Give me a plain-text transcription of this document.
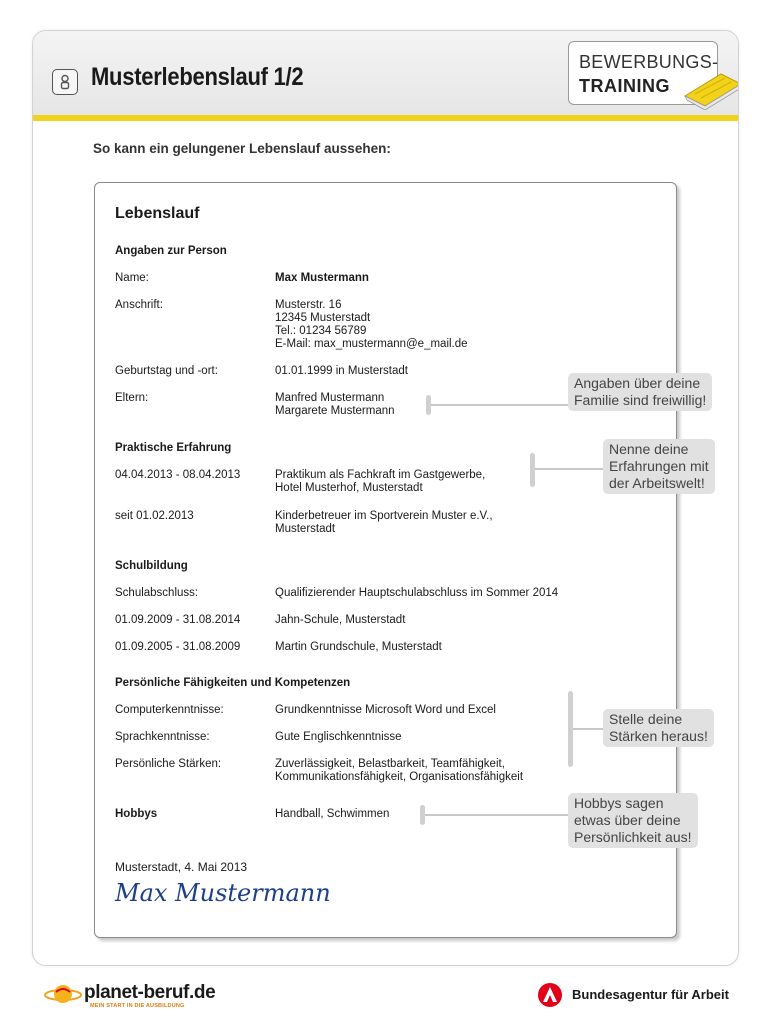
Musterlebenslauf 1/2
BEWERBUNGS-
TRAINING
So kann ein gelungener Lebenslauf aussehen:
Lebenslauf
Angaben zur Person
Name:	Max Mustermann
Anschrift:	Musterstr. 16
12345 Musterstadt
Tel.: 01234 56789
E-Mail: max_mustermann@e_mail.de
Geburtstag und -ort:	01.01.1999 in Musterstadt
Eltern:	Manfred Mustermann
Margarete Mustermann
Praktische Erfahrung
04.04.2013 - 08.04.2013	Praktikum als Fachkraft im Gastgewerbe,
Hotel Musterhof, Musterstadt
seit 01.02.2013	Kinderbetreuer im Sportverein Muster e.V.,
Musterstadt
Schulbildung
Schulabschluss:	Qualifizierender Hauptschulabschluss im Sommer 2014
01.09.2009 - 31.08.2014	Jahn-Schule, Musterstadt
01.09.2005 - 31.08.2009	Martin Grundschule, Musterstadt
Persönliche Fähigkeiten und Kompetenzen
Computerkenntnisse:	Grundkenntnisse Microsoft Word und Excel
Sprachkenntnisse:	Gute Englischkenntnisse
Persönliche Stärken:	Zuverlässigkeit, Belastbarkeit, Teamfähigkeit,
Kommunikationsfähigkeit, Organisationsfähigkeit
Hobbys	Handball, Schwimmen
Musterstadt, 4. Mai 2013
Max Mustermann
Angaben über deine
Familie sind freiwillig!
Nenne deine
Erfahrungen mit
der Arbeitswelt!
Stelle deine
Stärken heraus!
Hobbys sagen
etwas über deine
Persönlichkeit aus!
planet-beruf.de
MEIN START IN DIE AUSBILDUNG
Bundesagentur für Arbeit
